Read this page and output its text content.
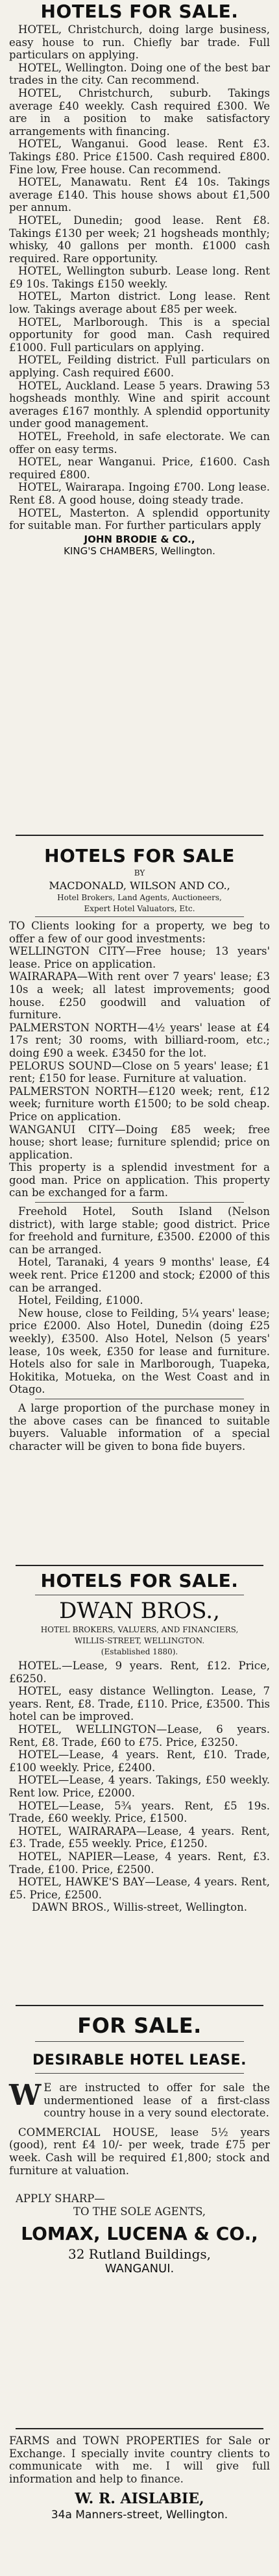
HOTELS FOR SALE.

HOTEL, Christchurch, doing large business, easy house to run. Chiefly bar trade. Full particulars on applying.

HOTEL, Wellington. Doing one of the best bar trades in the city. Can recommend.

HOTEL, Christchurch, suburb. Takings average £40 weekly. Cash required £300. We are in a position to make satisfactory arrangements with financing.

HOTEL, Wanganui. Good lease. Rent £3. Takings £80. Price £1500. Cash required £800. Fine low, Free house. Can recommend.

HOTEL, Manawatu. Rent £4 10s. Takings average £140. This house shows about £1,500 per annum.

HOTEL, Dunedin; good lease. Rent £8. Takings £130 per week; 21 hogsheads monthly; whisky, 40 gallons per month. £1000 cash required. Rare opportunity.

HOTEL, Wellington suburb. Lease long. Rent £9 10s. Takings £150 weekly.

HOTEL, Marton district. Long lease. Rent low. Takings average about £85 per week.

HOTEL, Marlborough. This is a special opportunity for good man. Cash required £1000. Full particulars on applying.

HOTEL, Feilding district. Full particulars on applying. Cash required £600.

HOTEL, Auckland. Lease 5 years. Drawing 53 hogsheads monthly. Wine and spirit account averages £167 monthly. A splendid opportunity under good management.

HOTEL, Freehold, in safe electorate. We can offer on easy terms.

HOTEL, near Wanganui. Price, £1600. Cash required £800.

HOTEL, Wairarapa. Ingoing £700. Long lease. Rent £8. A good house, doing steady trade.

HOTEL, Masterton. A splendid opportunity for suitable man. For further particulars apply

JOHN BRODIE & CO.,
KING'S CHAMBERS, Wellington.
HOTELS FOR SALE
BY
MACDONALD, WILSON AND CO.,
Hotel Brokers, Land Agents, Auctioneers,
Expert Hotel Valuators, Etc.

TO Clients looking for a property, we beg to offer a few of our good investments:

WELLINGTON CITY—Free house; 13 years' lease. Price on application.

WAIRARAPA—With rent over 7 years' lease; £3 10s a week; all latest improvements; good house. £250 goodwill and valuation of furniture.

PALMERSTON NORTH—4½ years' lease at £4 17s rent; 30 rooms, with billiard-room, etc.; doing £90 a week. £3450 for the lot.

PELORUS SOUND—Close on 5 years' lease; £1 rent; £150 for lease. Furniture at valuation.

PALMERSTON NORTH—£120 week; rent, £12 week; furniture worth £1500; to be sold cheap. Price on application.

WANGANUI CITY—Doing £85 week; free house; short lease; furniture splendid; price on application.

This property is a splendid investment for a good man. Price on application. This property can be exchanged for a farm.

Freehold Hotel, South Island (Nelson district), with large stable; good district. Price for freehold and furniture, £3500. £2000 of this can be arranged.

Hotel, Taranaki, 4 years 9 months' lease, £4 week rent. Price £1200 and stock; £2000 of this can be arranged.

Hotel, Feilding, £1000.

New house, close to Feilding, 5¼ years' lease; price £2000. Also Hotel, Dunedin (doing £25 weekly), £3500. Also Hotel, Nelson (5 years' lease, 10s week, £350 for lease and furniture. Hotels also for sale in Marlborough, Tuapeka, Hokitika, Motueka, on the West Coast and in Otago.

A large proportion of the purchase money in the above cases can be financed to suitable buyers. Valuable information of a special character will be given to bona fide buyers.

HOTELS FOR SALE.
DWAN BROS.,
HOTEL BROKERS, VALUERS, AND FINANCIERS,
WILLIS-STREET, WELLINGTON.
(Established 1880).

HOTEL.—Lease, 9 years. Rent, £12. Price, £6250.

HOTEL, easy distance Wellington. Lease, 7 years. Rent, £8. Trade, £110. Price, £3500. This hotel can be improved.

HOTEL, WELLINGTON—Lease, 6 years. Rent, £8. Trade, £60 to £75. Price, £3250.

HOTEL—Lease, 4 years. Rent, £10. Trade, £100 weekly. Price, £2400.

HOTEL—Lease, 4 years. Takings, £50 weekly. Rent low. Price, £2000.

HOTEL—Lease, 5¾ years. Rent, £5 19s. Trade, £60 weekly. Price, £1500.

HOTEL, WAIRARAPA—Lease, 4 years. Rent, £3. Trade, £55 weekly. Price, £1250.

HOTEL, NAPIER—Lease, 4 years. Rent, £3. Trade, £100. Price, £2500.

HOTEL, HAWKE'S BAY—Lease, 4 years. Rent, £5. Price, £2500.

DAWN BROS., Willis-street, Wellington.

FOR SALE.
DESIRABLE HOTEL LEASE.

W E are instructed to offer for sale the undermentioned lease of a first-class country house in a very sound electorate.

COMMERCIAL HOUSE, lease 5½ years (good), rent £4 10/- per week, trade £75 per week. Cash will be required £1,800; stock and furniture at valuation.

APPLY SHARP—
TO THE SOLE AGENTS,
LOMAX, LUCENA & CO.,
32 Rutland Buildings,
WANGANUI.

FARMS and TOWN PROPERTIES for Sale or Exchange. I specially invite country clients to communicate with me. I will give full information and help to finance.

W. R. AISLABIE,
34a Manners-street, Wellington.
